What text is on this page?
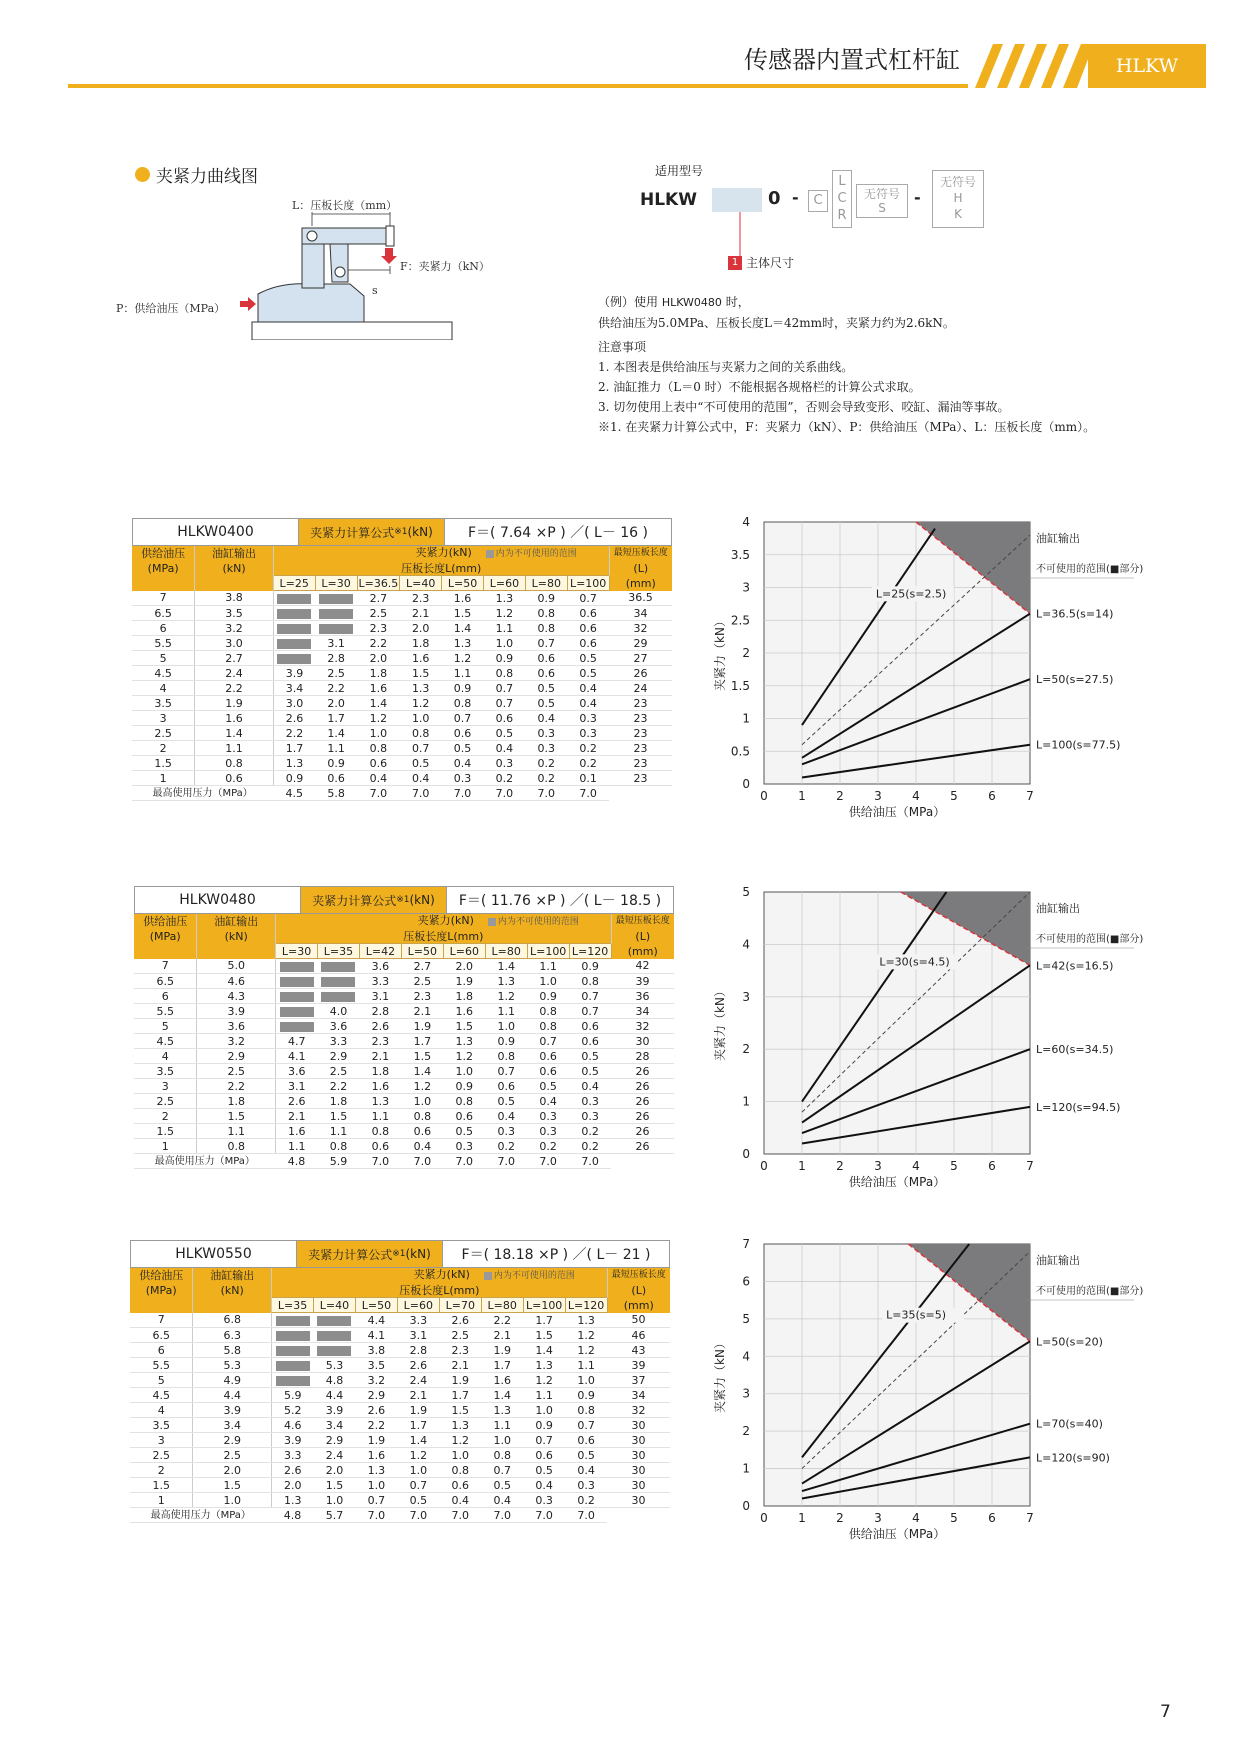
传感器内置式杠杆缸	HLKW
夹紧力曲线图
L：压板长度（mm）
F：夹紧力（kN）
P：供给油压（MPa）
s
适用型号
HLKW	0 -	C
L
C
R
无符号
S
-
无符号
H
K
1 主体尺寸

（例）使用 HLKW0480 时，

供给油压为5.0MPa、压板长度L＝42mm时，夹紧力约为2.6kN。

注意事项

1. 本图表是供给油压与夹紧力之间的关系曲线。

2. 油缸推力（L＝0 时）不能根据各规格栏的计算公式求取。

3. 切勿使用上表中“不可使用的范围”，否则会导致变形、咬缸、漏油等事故。

※1. 在夹紧力计算公式中，F：夹紧力（kN）、P：供给油压（MPa）、L：压板长度（mm）。

HLKW0400	夹紧力计算公式 ※1 (kN)	F＝( 7.64 ×P ) ／( L－ 16 )
供给油压	油缸输出	夹紧力(kN) 内为不可使用的范围								最短压板长度
(MPa)	(kN)	压板长度L(mm)								(L)
		L=25	L=30	L=36.5	L=40	L=50	L=60	L=80	L=100	(mm)
7	3.8			2.7	2.3	1.6	1.3	0.9	0.7	36.5
6.5	3.5			2.5	2.1	1.5	1.2	0.8	0.6	34
6	3.2			2.3	2.0	1.4	1.1	0.8	0.6	32
5.5	3.0		3.1	2.2	1.8	1.3	1.0	0.7	0.6	29
5	2.7		2.8	2.0	1.6	1.2	0.9	0.6	0.5	27
4.5	2.4	3.9	2.5	1.8	1.5	1.1	0.8	0.6	0.5	26
4	2.2	3.4	2.2	1.6	1.3	0.9	0.7	0.5	0.4	24
3.5	1.9	3.0	2.0	1.4	1.2	0.8	0.7	0.5	0.4	23
3	1.6	2.6	1.7	1.2	1.0	0.7	0.6	0.4	0.3	23
2.5	1.4	2.2	1.4	1.0	0.8	0.6	0.5	0.3	0.3	23
2	1.1	1.7	1.1	0.8	0.7	0.5	0.4	0.3	0.2	23
1.5	0.8	1.3	0.9	0.6	0.5	0.4	0.3	0.2	0.2	23
1	0.6	0.9	0.6	0.4	0.4	0.3	0.2	0.2	0.1	23
最高使用压力（MPa）		4.5	5.8	7.0	7.0	7.0	7.0	7.0	7.0	
HLKW0480	夹紧力计算公式 ※1 (kN)	F＝( 11.76 ×P ) ／( L－ 18.5 )
供给油压	油缸输出	夹紧力(kN) 内为不可使用的范围								最短压板长度
(MPa)	(kN)	压板长度L(mm)								(L)
		L=30	L=35	L=42	L=50	L=60	L=80	L=100	L=120	(mm)
7	5.0			3.6	2.7	2.0	1.4	1.1	0.9	42
6.5	4.6			3.3	2.5	1.9	1.3	1.0	0.8	39
6	4.3			3.1	2.3	1.8	1.2	0.9	0.7	36
5.5	3.9		4.0	2.8	2.1	1.6	1.1	0.8	0.7	34
5	3.6		3.6	2.6	1.9	1.5	1.0	0.8	0.6	32
4.5	3.2	4.7	3.3	2.3	1.7	1.3	0.9	0.7	0.6	30
4	2.9	4.1	2.9	2.1	1.5	1.2	0.8	0.6	0.5	28
3.5	2.5	3.6	2.5	1.8	1.4	1.0	0.7	0.6	0.5	26
3	2.2	3.1	2.2	1.6	1.2	0.9	0.6	0.5	0.4	26
2.5	1.8	2.6	1.8	1.3	1.0	0.8	0.5	0.4	0.3	26
2	1.5	2.1	1.5	1.1	0.8	0.6	0.4	0.3	0.3	26
1.5	1.1	1.6	1.1	0.8	0.6	0.5	0.3	0.3	0.2	26
1	0.8	1.1	0.8	0.6	0.4	0.3	0.2	0.2	0.2	26
最高使用压力（MPa）		4.8	5.9	7.0	7.0	7.0	7.0	7.0	7.0	
HLKW0550	夹紧力计算公式 ※1 (kN)	F＝( 18.18 ×P ) ／( L－ 21 )
供给油压	油缸输出	夹紧力(kN) 内为不可使用的范围								最短压板长度
(MPa)	(kN)	压板长度L(mm)								(L)
		L=35	L=40	L=50	L=60	L=70	L=80	L=100	L=120	(mm)
7	6.8			4.4	3.3	2.6	2.2	1.7	1.3	50
6.5	6.3			4.1	3.1	2.5	2.1	1.5	1.2	46
6	5.8			3.8	2.8	2.3	1.9	1.4	1.2	43
5.5	5.3		5.3	3.5	2.6	2.1	1.7	1.3	1.1	39
5	4.9		4.8	3.2	2.4	1.9	1.6	1.2	1.0	37
4.5	4.4	5.9	4.4	2.9	2.1	1.7	1.4	1.1	0.9	34
4	3.9	5.2	3.9	2.6	1.9	1.5	1.3	1.0	0.8	32
3.5	3.4	4.6	3.4	2.2	1.7	1.3	1.1	0.9	0.7	30
3	2.9	3.9	2.9	1.9	1.4	1.2	1.0	0.7	0.6	30
2.5	2.5	3.3	2.4	1.6	1.2	1.0	0.8	0.6	0.5	30
2	2.0	2.6	2.0	1.3	1.0	0.8	0.7	0.5	0.4	30
1.5	1.5	2.0	1.5	1.0	0.7	0.6	0.5	0.4	0.3	30
1	1.0	1.3	1.0	0.7	0.5	0.4	0.4	0.3	0.2	30
最高使用压力（MPa）		4.8	5.7	7.0	7.0	7.0	7.0	7.0	7.0	
L=25(s=2.5)
L=36.5(s=14)
L=50(s=27.5)
L=100(s=77.5)
0	1	2	3	4	5	6	7
0
0.5
1
1.5
2
2.5
3
3.5
4
供给油压（MPa）
夹紧力（kN）
油缸输出
不可使用的范围(■部分)
L=30(s=4.5)	L=42(s=16.5)
L=60(s=34.5)
L=120(s=94.5)
0	1	2	3	4	5	6	7
0
1
2
3
4
5
供给油压（MPa）
夹紧力（kN）
油缸输出
不可使用的范围(■部分)
L=35(s=5)
L=50(s=20)
L=70(s=40)
L=120(s=90)
0	1	2	3	4	5	6	7
0
1
2
3
4
5
6
7
供给油压（MPa）
夹紧力（kN）
油缸输出
不可使用的范围(■部分)
7
